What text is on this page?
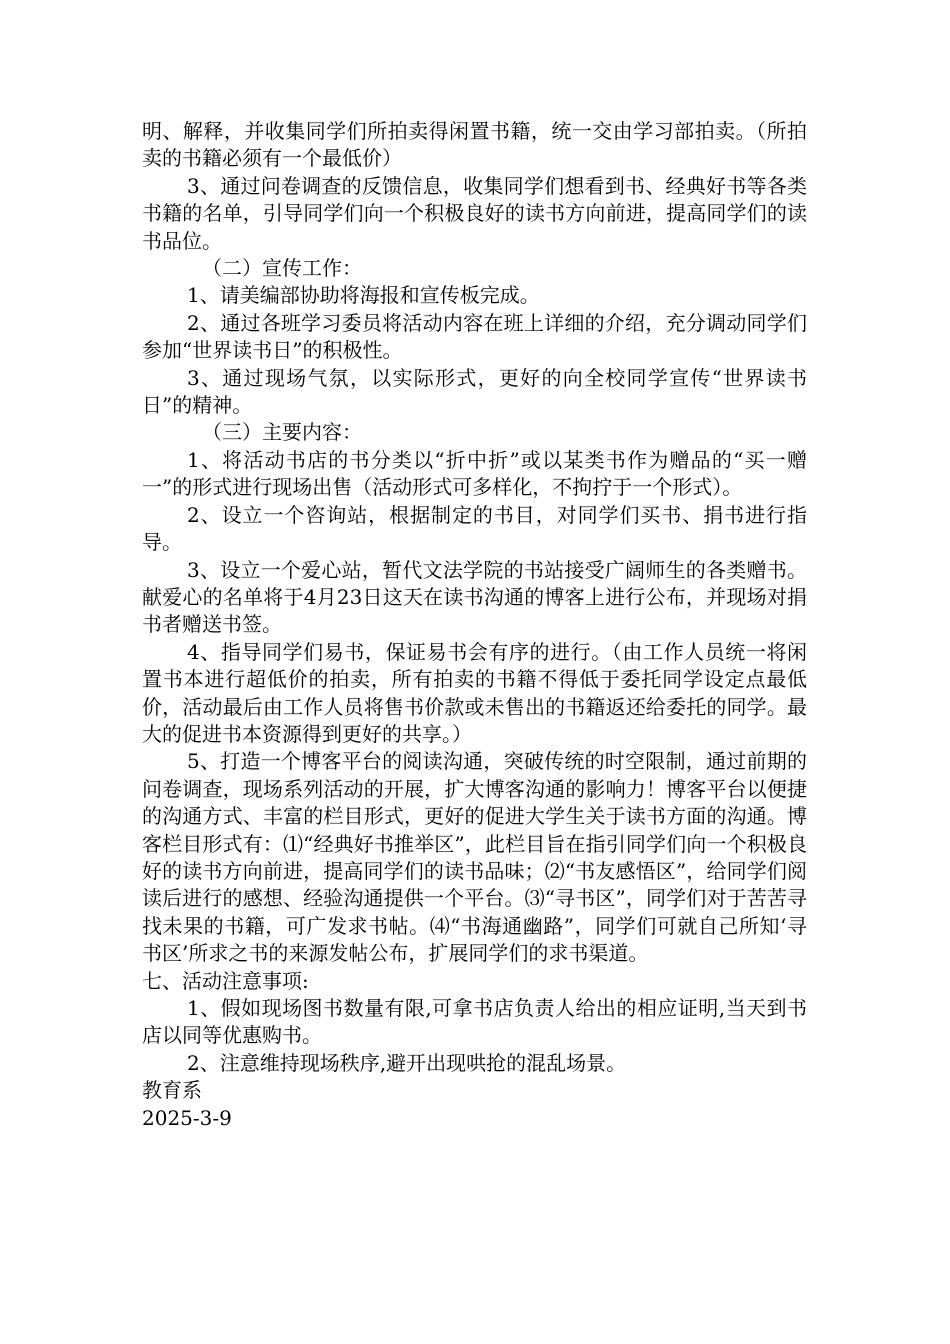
明、解释，并收集同学们所拍卖得闲置书籍，统一交由学习部拍卖。（所拍卖的书籍必须有一个最低价）

3、通过问卷调查的反馈信息，收集同学们想看到书、经典好书等各类书籍的名单，引导同学们向一个积极良好的读书方向前进，提高同学们的读书品位。

（二）宣传工作：

1、请美编部协助将海报和宣传板完成。

2、通过各班学习委员将活动内容在班上详细的介绍，充分调动同学们参加“世界读书日”的积极性。

3、通过现场气氛，以实际形式，更好的向全校同学宣传“世界读书日”的精神。

（三）主要内容：

1、将活动书店的书分类以“折中折”或以某类书作为赠品的“买一赠一”的形式进行现场出售（活动形式可多样化，不拘拧于一个形式）。

2、设立一个咨询站，根据制定的书目，对同学们买书、捐书进行指导。

3、设立一个爱心站，暂代文法学院的书站接受广阔师生的各类赠书。献爱心的名单将于4月23日这天在读书沟通的博客上进行公布，并现场对捐书者赠送书签。

4、指导同学们易书，保证易书会有序的进行。（由工作人员统一将闲置书本进行超低价的拍卖，所有拍卖的书籍不得低于委托同学设定点最低价，活动最后由工作人员将售书价款或未售出的书籍返还给委托的同学。最大的促进书本资源得到更好的共享。）

5、打造一个博客平台的阅读沟通，突破传统的时空限制，通过前期的问卷调查，现场系列活动的开展，扩大博客沟通的影响力！博客平台以便捷的沟通方式、丰富的栏目形式，更好的促进大学生关于读书方面的沟通。博客栏目形式有：⑴“经典好书推举区”，此栏目旨在指引同学们向一个积极良好的读书方向前进，提高同学们的读书品味；⑵“书友感悟区”，给同学们阅读后进行的感想、经验沟通提供一个平台。⑶“寻书区”，同学们对于苦苦寻找未果的书籍，可广发求书帖。⑷“书海通幽路”，同学们可就自己所知‘寻书区’所求之书的来源发帖公布，扩展同学们的求书渠道。

七、活动注意事项:

1、假如现场图书数量有限,可拿书店负责人给出的相应证明,当天到书店以同等优惠购书。

2、注意维持现场秩序,避开出现哄抢的混乱场景。

教育系

2025-3-9
